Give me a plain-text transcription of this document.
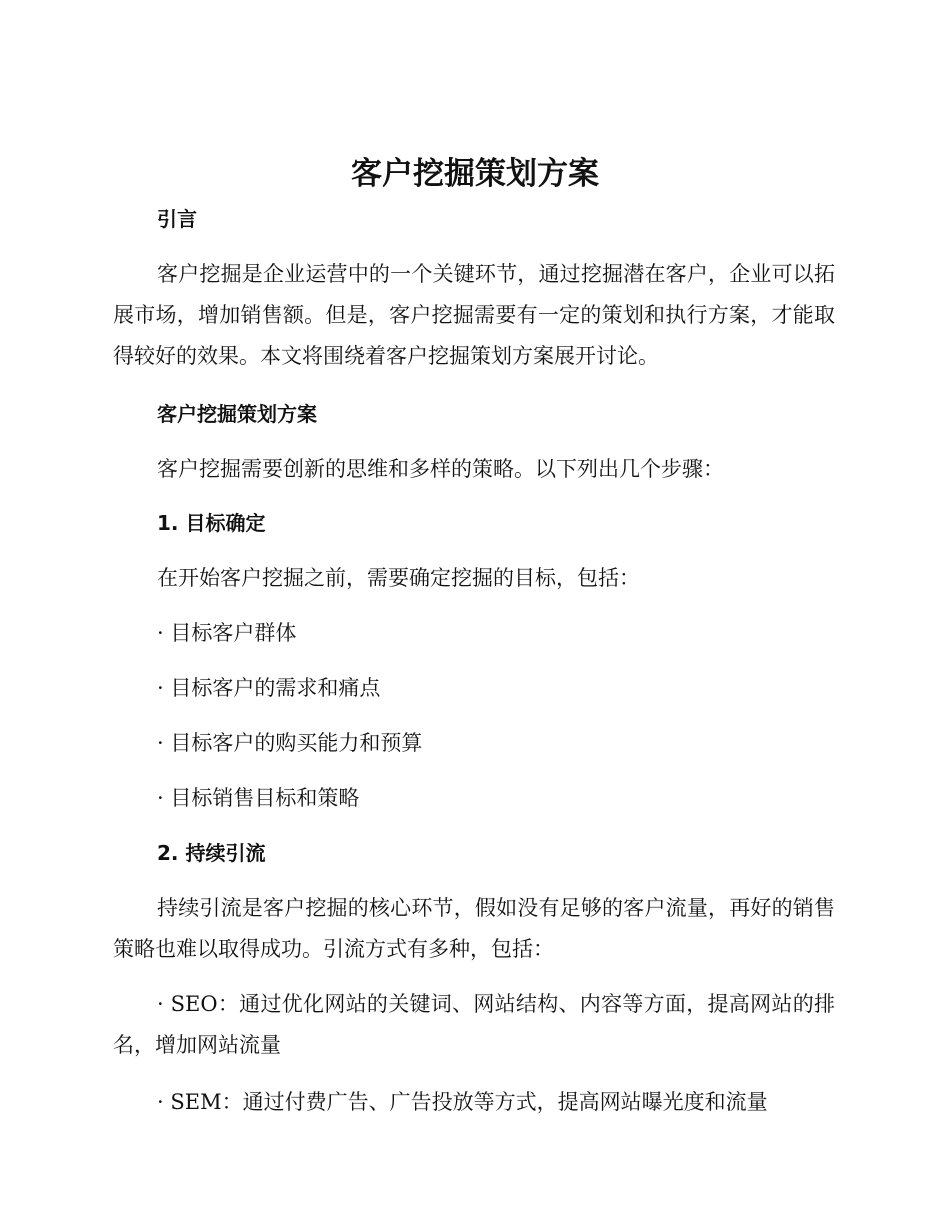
客户挖掘策划方案
引言

客户挖掘是企业运营中的一个关键环节，通过挖掘潜在客户，企业可以拓展市场，增加销售额。但是，客户挖掘需要有一定的策划和执行方案，才能取得较好的效果。本文将围绕着客户挖掘策划方案展开讨论。

客户挖掘策划方案

客户挖掘需要创新的思维和多样的策略。以下列出几个步骤：

1. 目标确定

在开始客户挖掘之前，需要确定挖掘的目标，包括：

· 目标客户群体

· 目标客户的需求和痛点

· 目标客户的购买能力和预算

· 目标销售目标和策略

2. 持续引流

持续引流是客户挖掘的核心环节，假如没有足够的客户流量，再好的销售策略也难以取得成功。引流方式有多种，包括：

· SEO：通过优化网站的关键词、网站结构、内容等方面，提高网站的排名，增加网站流量

· SEM：通过付费广告、广告投放等方式，提高网站曝光度和流量
